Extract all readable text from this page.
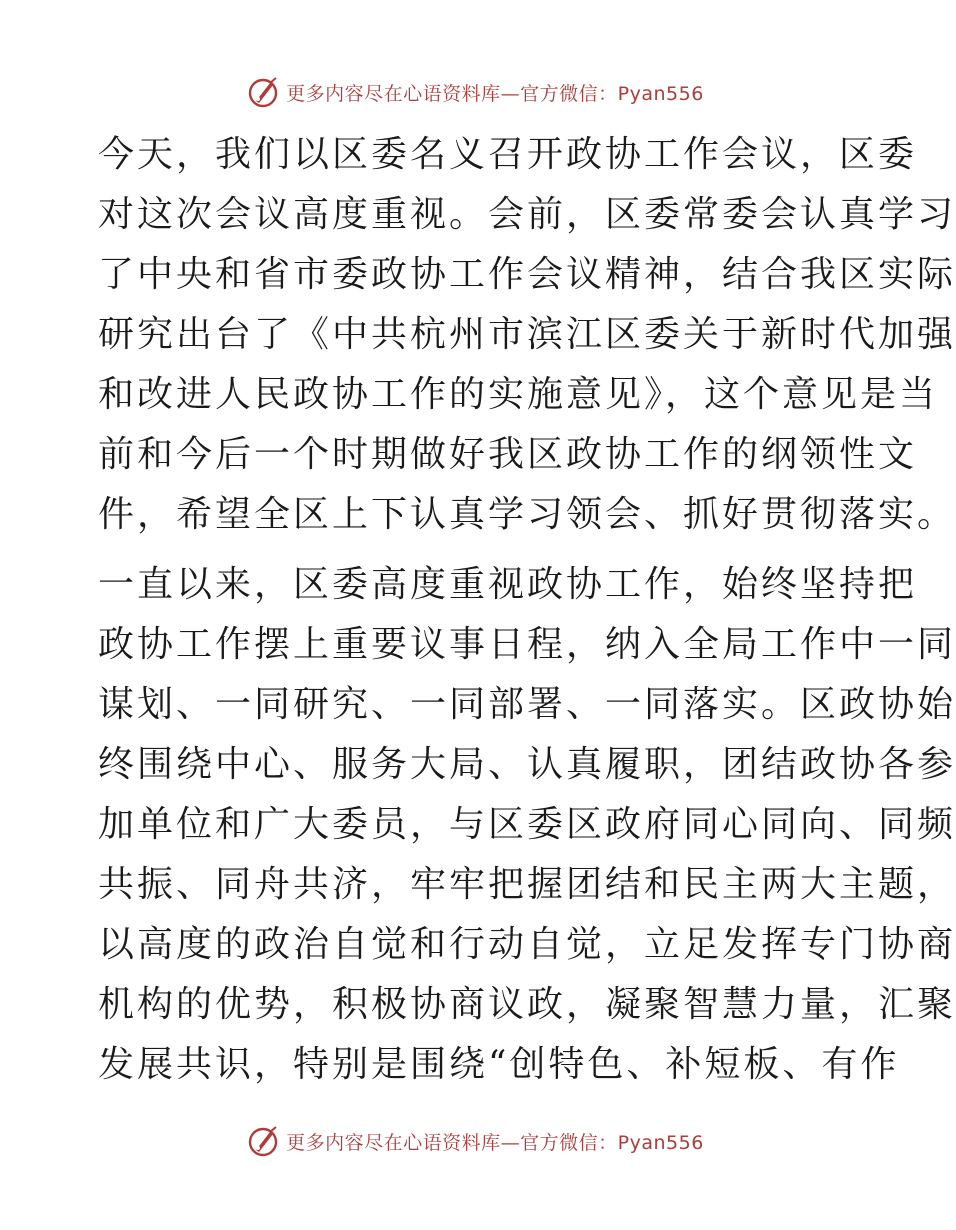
更多内容尽在心语资料库—官方微信：Pyan556
今天，我们以区委名义召开政协工作会议，区委
对这次会议高度重视。会前，区委常委会认真学习
了中央和省市委政协工作会议精神，结合我区实际
研究出台了《中共杭州市滨江区委关于新时代加强
和改进人民政协工作的实施意见》，这个意见是当
前和今后一个时期做好我区政协工作的纲领性文
件，希望全区上下认真学习领会、抓好贯彻落实。
一直以来，区委高度重视政协工作，始终坚持把
政协工作摆上重要议事日程，纳入全局工作中一同
谋划、一同研究、一同部署、一同落实。区政协始
终围绕中心、服务大局、认真履职，团结政协各参
加单位和广大委员，与区委区政府同心同向、同频
共振、同舟共济，牢牢把握团结和民主两大主题，
以高度的政治自觉和行动自觉，立足发挥专门协商
机构的优势，积极协商议政，凝聚智慧力量，汇聚
发展共识，特别是围绕“创特色、补短板、有作
更多内容尽在心语资料库—官方微信：Pyan556
